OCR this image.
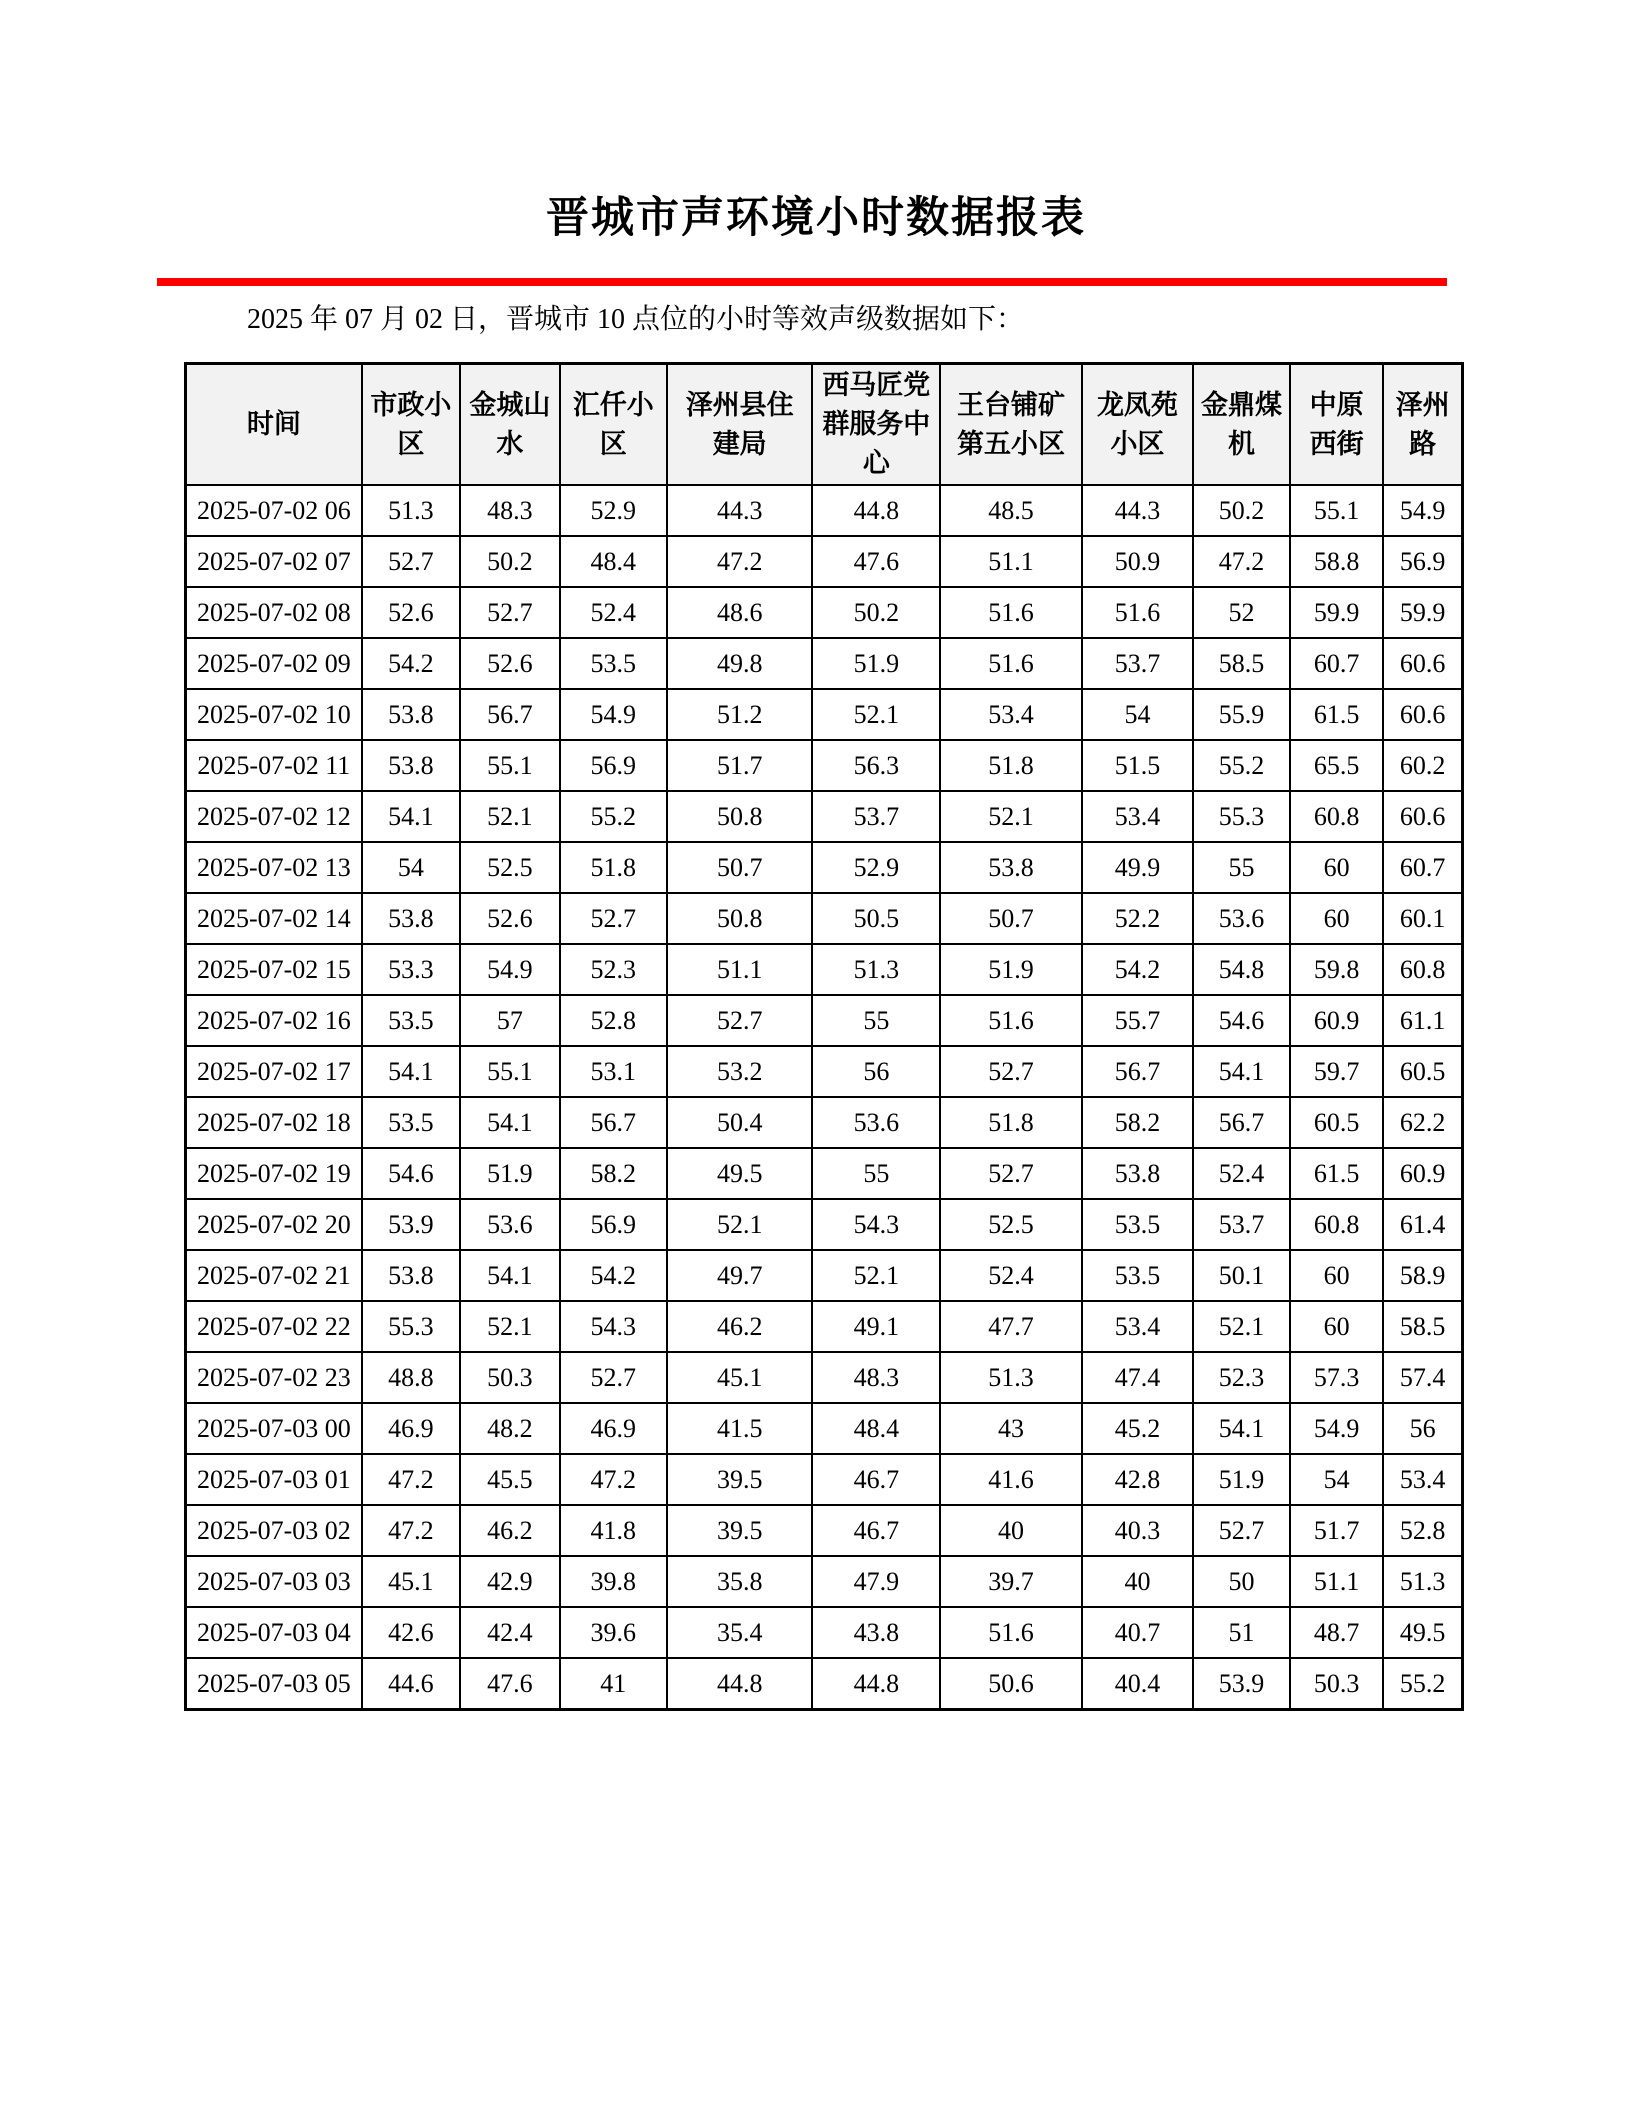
晋城市声环境小时数据报表

2025 年 07 月 02 日，晋城市 10 点位的小时等效声级数据如下：

时间	市政小区	金城山水	汇仟小区	泽州县住建局	西马匠党群服务中心	王台铺矿第五小区	龙凤苑小区	金鼎煤机	中原西街	泽州路
2025-07-02 06	51.3	48.3	52.9	44.3	44.8	48.5	44.3	50.2	55.1	54.9
2025-07-02 07	52.7	50.2	48.4	47.2	47.6	51.1	50.9	47.2	58.8	56.9
2025-07-02 08	52.6	52.7	52.4	48.6	50.2	51.6	51.6	52	59.9	59.9
2025-07-02 09	54.2	52.6	53.5	49.8	51.9	51.6	53.7	58.5	60.7	60.6
2025-07-02 10	53.8	56.7	54.9	51.2	52.1	53.4	54	55.9	61.5	60.6
2025-07-02 11	53.8	55.1	56.9	51.7	56.3	51.8	51.5	55.2	65.5	60.2
2025-07-02 12	54.1	52.1	55.2	50.8	53.7	52.1	53.4	55.3	60.8	60.6
2025-07-02 13	54	52.5	51.8	50.7	52.9	53.8	49.9	55	60	60.7
2025-07-02 14	53.8	52.6	52.7	50.8	50.5	50.7	52.2	53.6	60	60.1
2025-07-02 15	53.3	54.9	52.3	51.1	51.3	51.9	54.2	54.8	59.8	60.8
2025-07-02 16	53.5	57	52.8	52.7	55	51.6	55.7	54.6	60.9	61.1
2025-07-02 17	54.1	55.1	53.1	53.2	56	52.7	56.7	54.1	59.7	60.5
2025-07-02 18	53.5	54.1	56.7	50.4	53.6	51.8	58.2	56.7	60.5	62.2
2025-07-02 19	54.6	51.9	58.2	49.5	55	52.7	53.8	52.4	61.5	60.9
2025-07-02 20	53.9	53.6	56.9	52.1	54.3	52.5	53.5	53.7	60.8	61.4
2025-07-02 21	53.8	54.1	54.2	49.7	52.1	52.4	53.5	50.1	60	58.9
2025-07-02 22	55.3	52.1	54.3	46.2	49.1	47.7	53.4	52.1	60	58.5
2025-07-02 23	48.8	50.3	52.7	45.1	48.3	51.3	47.4	52.3	57.3	57.4
2025-07-03 00	46.9	48.2	46.9	41.5	48.4	43	45.2	54.1	54.9	56
2025-07-03 01	47.2	45.5	47.2	39.5	46.7	41.6	42.8	51.9	54	53.4
2025-07-03 02	47.2	46.2	41.8	39.5	46.7	40	40.3	52.7	51.7	52.8
2025-07-03 03	45.1	42.9	39.8	35.8	47.9	39.7	40	50	51.1	51.3
2025-07-03 04	42.6	42.4	39.6	35.4	43.8	51.6	40.7	51	48.7	49.5
2025-07-03 05	44.6	47.6	41	44.8	44.8	50.6	40.4	53.9	50.3	55.2
